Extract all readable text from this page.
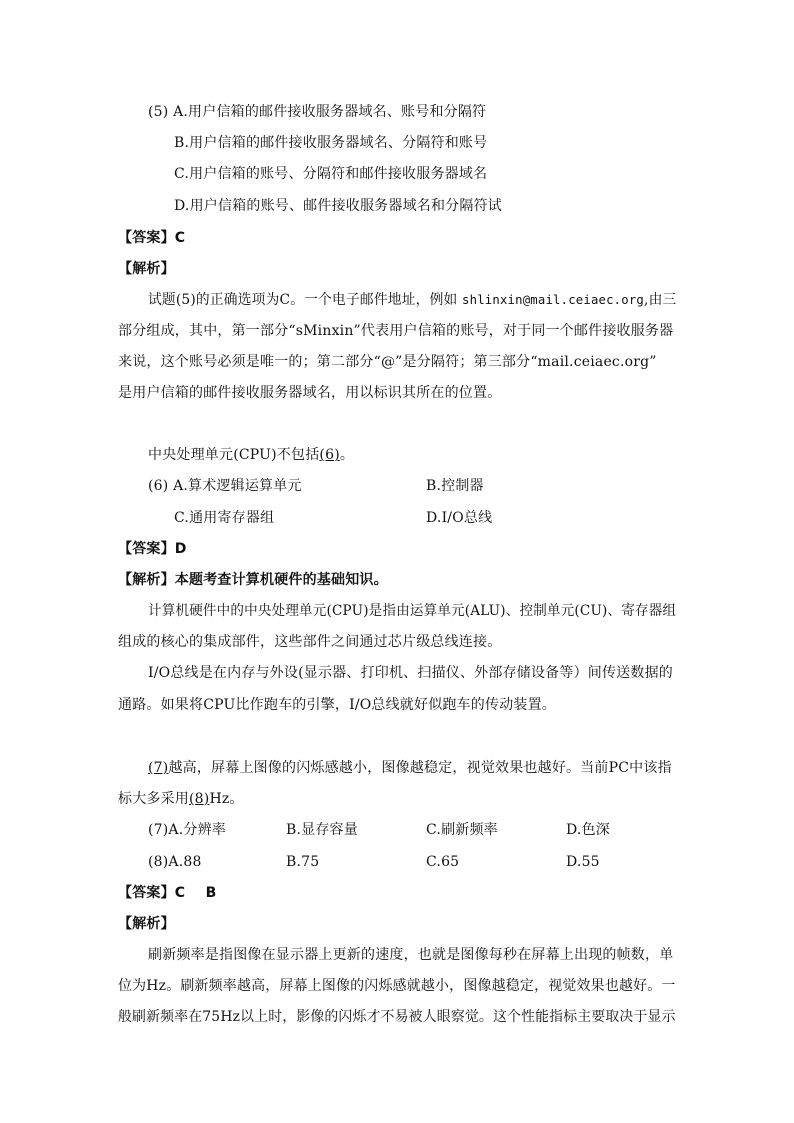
(5) A.用户信箱的邮件接收服务器域名、账号和分隔符
B.用户信箱的邮件接收服务器域名、分隔符和账号
C.用户信箱的账号、分隔符和邮件接收服务器域名
D.用户信箱的账号、邮件接收服务器域名和分隔符试
【答案】C
【解析】
试题(5)的正确选项为C。一个电子邮件地址，例如 shlinxin@mail.ceiaec.org,由三
部分组成，其中，第一部分“sMinxin”代表用户信箱的账号，对于同一个邮件接收服务器
来说，这个账号必须是唯一的；第二部分“@”是分隔符；第三部分“mail.ceiaec.org”
是用户信箱的邮件接收服务器域名，用以标识其所在的位置。
中央处理单元(CPU)不包括(6)。
(6) A.算术逻辑运算单元	B.控制器
C.通用寄存器组	D.I/O总线
【答案】D
【解析】本题考查计算机硬件的基础知识。
计算机硬件中的中央处理单元(CPU)是指由运算单元(ALU)、控制单元(CU)、寄存器组
组成的核心的集成部件，这些部件之间通过芯片级总线连接。
I/O总线是在内存与外设(显示器、打印机、扫描仪、外部存储设备等）间传送数据的
通路。如果将CPU比作跑车的引擎，I/O总线就好似跑车的传动装置。
(7)越高，屏幕上图像的闪烁感越小，图像越稳定，视觉效果也越好。当前PC中该指
标大多采用(8)Hz。
(7)A.分辨率	B.显存容量	C.刷新频率	D.色深
(8)A.88	B.75	C.65	D.55
【答案】C    B
【解析】
刷新频率是指图像在显示器上更新的速度，也就是图像每秒在屏幕上出现的帧数，单
位为Hz。刷新频率越高，屏幕上图像的闪烁感就越小，图像越稳定，视觉效果也越好。一
般刷新频率在75Hz以上时，影像的闪烁才不易被人眼察觉。这个性能指标主要取决于显示
